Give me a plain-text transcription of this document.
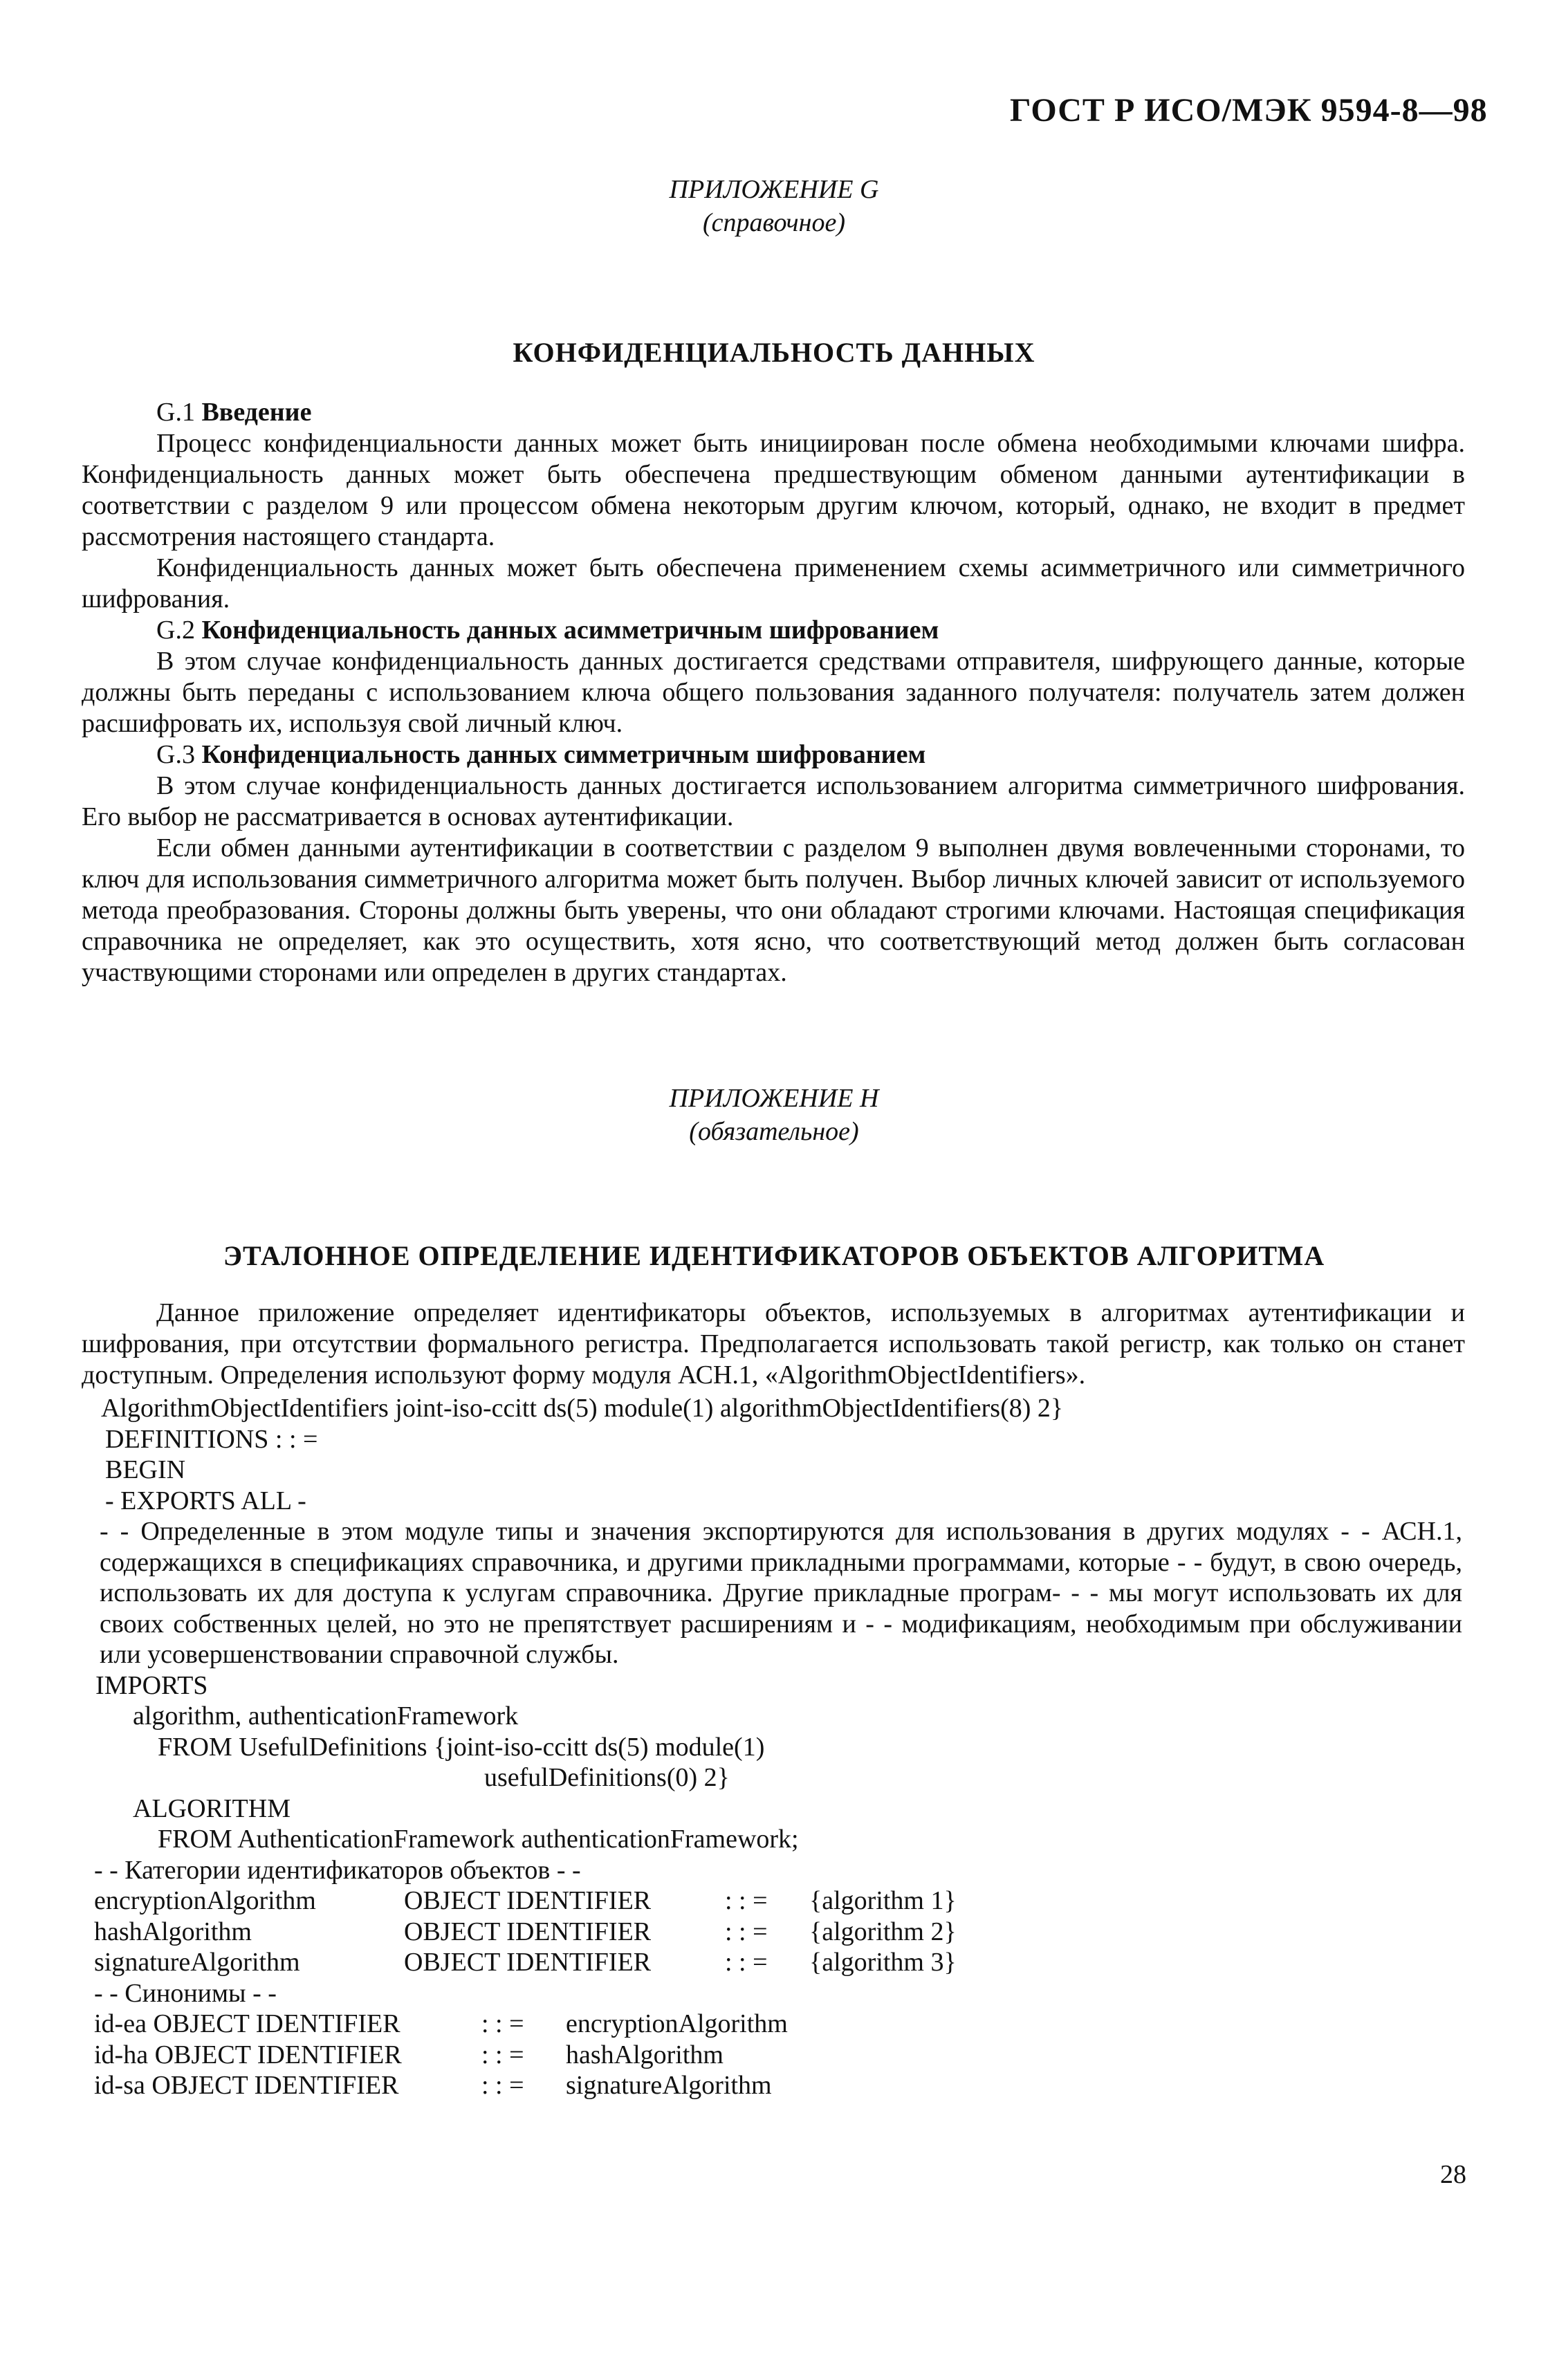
ГОСТ Р ИСО/МЭК 9594-8—98
ПРИЛОЖЕНИЕ G
(справочное)
КОНФИДЕНЦИАЛЬНОСТЬ ДАННЫХ

G.1 Введение

Процесс конфиденциальности данных может быть инициирован после обмена необходимыми ключами шифра. Конфиденциальность данных может быть обеспечена предшествующим обменом данными аутентификации в соответствии с разделом 9 или процессом обмена некоторым другим ключом, который, однако, не входит в предмет рассмотрения настоящего стандарта.

Конфиденциальность данных может быть обеспечена применением схемы асимметричного или симметричного шифрования.

G.2 Конфиденциальность данных асимметричным шифрованием

В этом случае конфиденциальность данных достигается средствами отправителя, шифрующего данные, которые должны быть переданы с использованием ключа общего пользования заданного получателя: получатель затем должен расшифровать их, используя свой личный ключ.

G.3 Конфиденциальность данных симметричным шифрованием

В этом случае конфиденциальность данных достигается использованием алгоритма симметричного шифрования. Его выбор не рассматривается в основах аутентификации.

Если обмен данными аутентификации в соответствии с разделом 9 выполнен двумя вовлеченными сторонами, то ключ для использования симметричного алгоритма может быть получен. Выбор личных ключей зависит от используемого метода преобразования. Стороны должны быть уверены, что они обладают строгими ключами. Настоящая спецификация справочника не определяет, как это осуществить, хотя ясно, что соответствующий метод должен быть согласован участвующими сторонами или определен в других стандартах.

ПРИЛОЖЕНИЕ Н
(обязательное)
ЭТАЛОННОЕ ОПРЕДЕЛЕНИЕ ИДЕНТИФИКАТОРОВ ОБЪЕКТОВ АЛГОРИТМА

Данное приложение определяет идентификаторы объектов, используемых в алгоритмах аутентификации и шифрования, при отсутствии формального регистра. Предполагается использовать такой регистр, как только он станет доступным. Определения используют форму модуля АСН.1, «AlgorithmObjectIdentifiers».

AlgorithmObjectIdentifiers joint-iso-ccitt ds(5) module(1) algorithmObjectIdentifiers(8) 2}
DEFINITIONS : : =
BEGIN
- EXPORTS ALL -
- - Определенные в этом модуле типы и значения экспортируются для использования в других модулях - - АСН.1, содержащихся в спецификациях справочника, и другими прикладными программами, которые - - будут, в свою очередь, использовать их для доступа к услугам справочника. Другие прикладные програм- - - мы могут использовать их для своих собственных целей, но это не препятствует расширениям и - - модификациям, необходимым при обслуживании или усовершенствовании справочной службы.
IMPORTS
algorithm, authenticationFramework
FROM UsefulDefinitions {joint-iso-ccitt ds(5) module(1)
usefulDefinitions(0) 2}
ALGORITHM
FROM AuthenticationFramework authenticationFramework;
- - Категории идентификаторов объектов - -
encryptionAlgorithm	OBJECT IDENTIFIER	: : = {algorithm 1}
hashAlgorithm	OBJECT IDENTIFIER	: : = {algorithm 2}
signatureAlgorithm	OBJECT IDENTIFIER	: : = {algorithm 3}
- - Синонимы - -
id-ea OBJECT IDENTIFIER	: : = encryptionAlgorithm
id-ha OBJECT IDENTIFIER	: : = hashAlgorithm
id-sa OBJECT IDENTIFIER	: : = signatureAlgorithm
28
